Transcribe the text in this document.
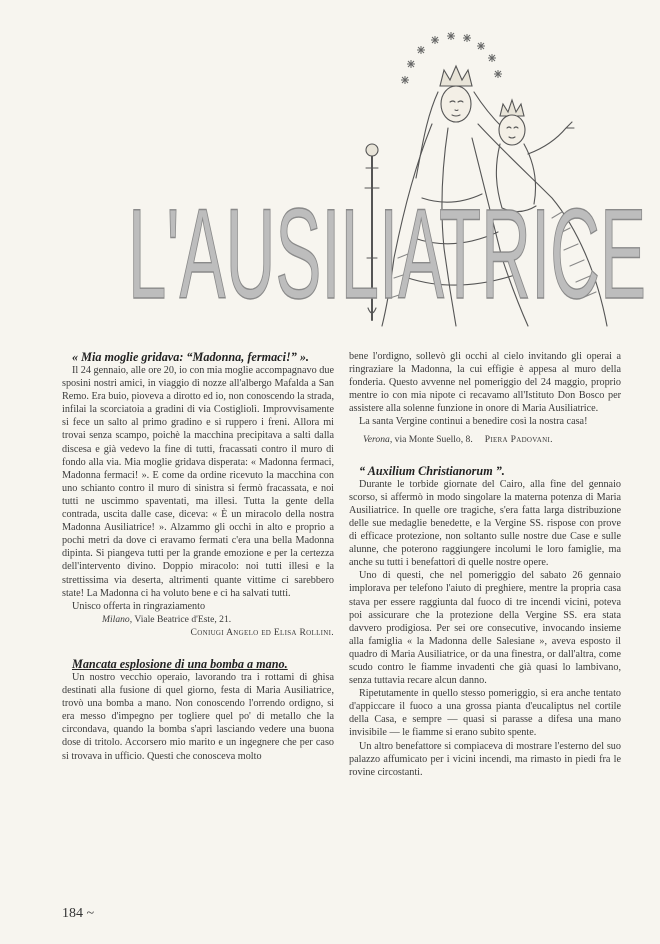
L'AUSILIATRICE

« Mia moglie gridava: “Madonna, fermaci!” ».

Il 24 gennaio, alle ore 20, io con mia moglie accompagnavo due sposini nostri amici, in viaggio di nozze all'albergo Mafalda a San Remo. Era buio, pioveva a dirotto ed io, non conoscendo la strada, infilai la scorciatoia a gradini di via Costigliolì. Improvvisamente si fece un salto al primo gradino e si ruppero i freni. Allora mi trovai senza scampo, poichè la macchina precipitava a salti dalla discesa e già vedevo la fine di tutti, fracassati contro il muro di fondo alla via. Mia moglie gridava disperata: « Madonna fermaci, Madonna fermaci! ». E come da ordine ricevuto la macchina con uno schianto contro il muro di sinistra si fermò fracassata, e noi tutti ne uscimmo spaventati, ma illesi. Tutta la gente della contrada, uscita dalle case, diceva: « È un miracolo della nostra Madonna Ausiliatrice! ». Alzammo gli occhi in alto e proprio a pochi metri da dove ci eravamo fermati c'era una bella Madonna dipinta. Si piangeva tutti per la grande emozione e per la certezza dell'intervento divino. Doppio miracolo: noi tutti illesi e la strettissima via deserta, altrimenti quante vittime ci sarebbero state! La Madonna ci ha voluto bene e ci ha salvati tutti.

Unisco offerta in ringraziamento

Milano, Viale Beatrice d'Este, 21.

Coniugi Angelo ed Elisa Rollini.

Mancata esplosione di una bomba a mano.

Un nostro vecchio operaio, lavorando tra i rottami di ghisa destinati alla fusione di quel giorno, festa di Maria Ausiliatrice, trovò una bomba a mano. Non conoscendo l'orrendo ordigno, si era messo d'impegno per togliere quel po' di metallo che la circondava, quando la bomba s'aprì lasciando vedere una buona dose di tritolo. Accorsero mio marito e un ingegnere che per caso si trovava in ufficio. Questi che conosceva molto

bene l'ordigno, sollevò gli occhi al cielo invitando gli operai a ringraziare la Madonna, la cui effigie è appesa al muro della fonderia. Questo avvenne nel pomeriggio del 24 maggio, proprio mentre io con mia nipote ci recavamo all'Istituto Don Bosco per assistere alla solenne funzione in onore di Maria Ausiliatrice.

La santa Vergine continui a benedire così la nostra casa!

Verona, via Monte Suello, 8. Piera Padovani.

“ Auxilium Christianorum ”.

Durante le torbide giornate del Cairo, alla fine del gennaio scorso, si affermò in modo singolare la materna potenza di Maria Ausiliatrice. In quelle ore tragiche, s'era fatta larga distribuzione delle sue medaglie benedette, e la Vergine SS. rispose con prove di efficace protezione, non soltanto sulle nostre due Case e sulle alunne, che poterono raggiungere incolumi le loro famiglie, ma anche su tutti i benefattori di quelle nostre opere.

Uno di questi, che nel pomeriggio del sabato 26 gennaio implorava per telefono l'aiuto di preghiere, mentre la propria casa stava per essere raggiunta dal fuoco di tre incendi vicini, poteva poi assicurare che la protezione della Vergine SS. era stata davvero prodigiosa. Per sei ore consecutive, invocando insieme alla famiglia « la Madonna delle Salesiane », aveva esposto il quadro di Maria Ausiliatrice, or da una finestra, or dall'altra, come scudo contro le fiamme invadenti che già quasi lo lambivano, senza tuttavia recare alcun danno.

Ripetutamente in quello stesso pomeriggio, si era anche tentato d'appiccare il fuoco a una grossa pianta d'eucaliptus nel cortile della Casa, e sempre — quasi si parasse a difesa una mano invisibile — le fiamme si erano subito spente.

Un altro benefattore si compiaceva di mostrare l'esterno del suo palazzo affumicato per i vicini incendi, ma rimasto in piedi fra le rovine circostanti.

184 ~
